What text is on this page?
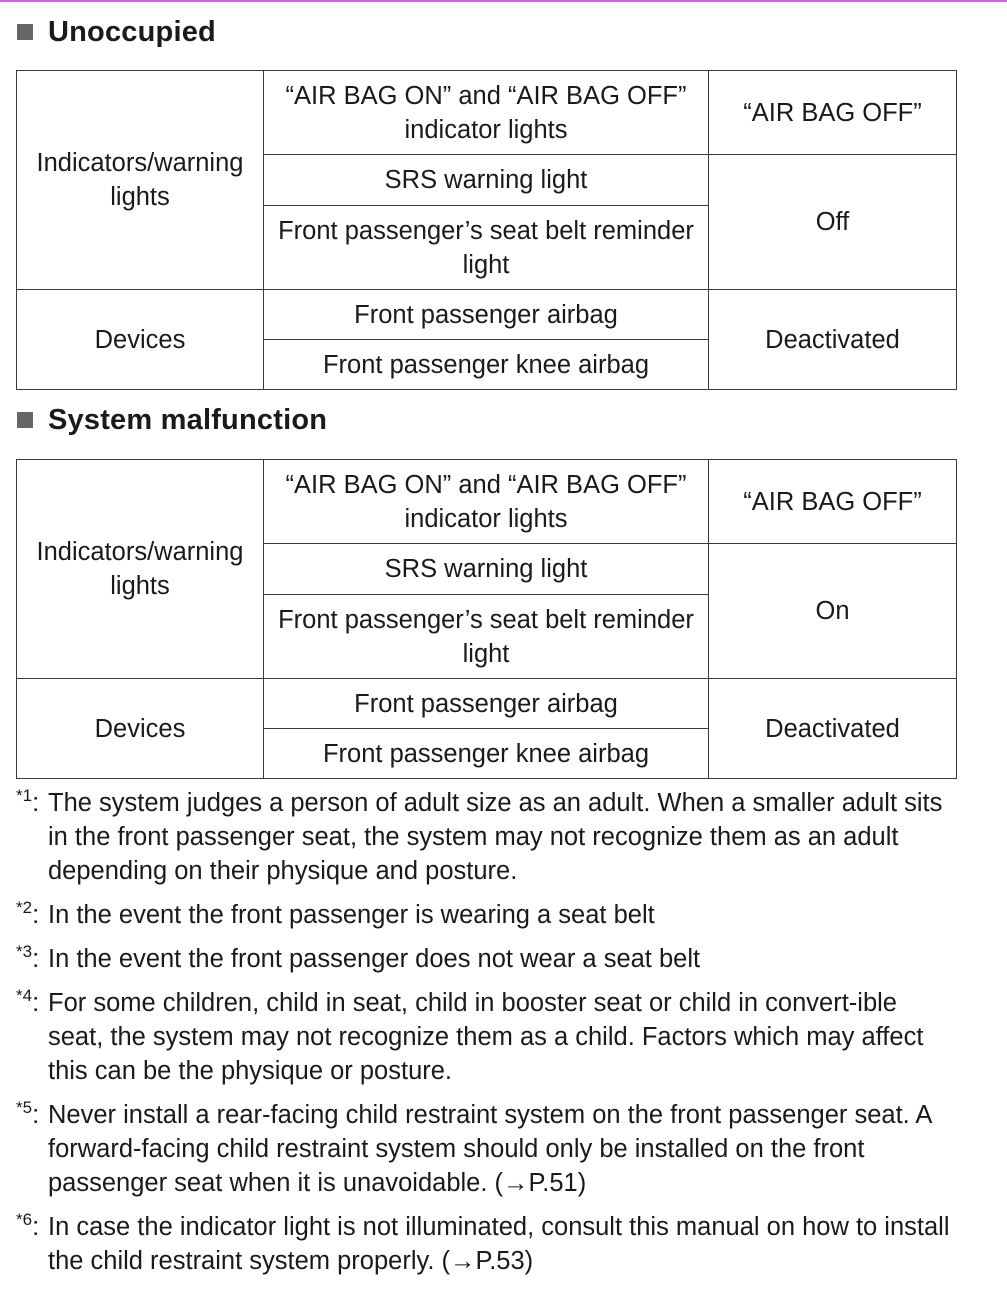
Unoccupied
Indicators/warning lights	“AIR BAG ON” and “AIR BAG OFF” indicator lights	“AIR BAG OFF”
	SRS warning light	Off
	Front passenger’s seat belt reminder light	
Devices	Front passenger airbag	Deactivated
	Front passenger knee airbag	
System malfunction
Indicators/warning lights	“AIR BAG ON” and “AIR BAG OFF” indicator lights	“AIR BAG OFF”
	SRS warning light	On
	Front passenger’s seat belt reminder light	
Devices	Front passenger airbag	Deactivated
	Front passenger knee airbag	
$^{*1}$: The system judges a person of adult size as an adult. When a smaller adult sits in the front passenger seat, the system may not recognize them as an adult depending on their physique and posture.
$^{*2}$: In the event the front passenger is wearing a seat belt
$^{*3}$: In the event the front passenger does not wear a seat belt
$^{*4}$: For some children, child in seat, child in booster seat or child in convert-ible seat, the system may not recognize them as a child. Factors which may affect this can be the physique or posture.
$^{*5}$: Never install a rear-facing child restraint system on the front passenger seat. A forward-facing child restraint system should only be installed on the front passenger seat when it is unavoidable. (→P.51)
$^{*6}$: In case the indicator light is not illuminated, consult this manual on how to install the child restraint system properly. (→P.53)
